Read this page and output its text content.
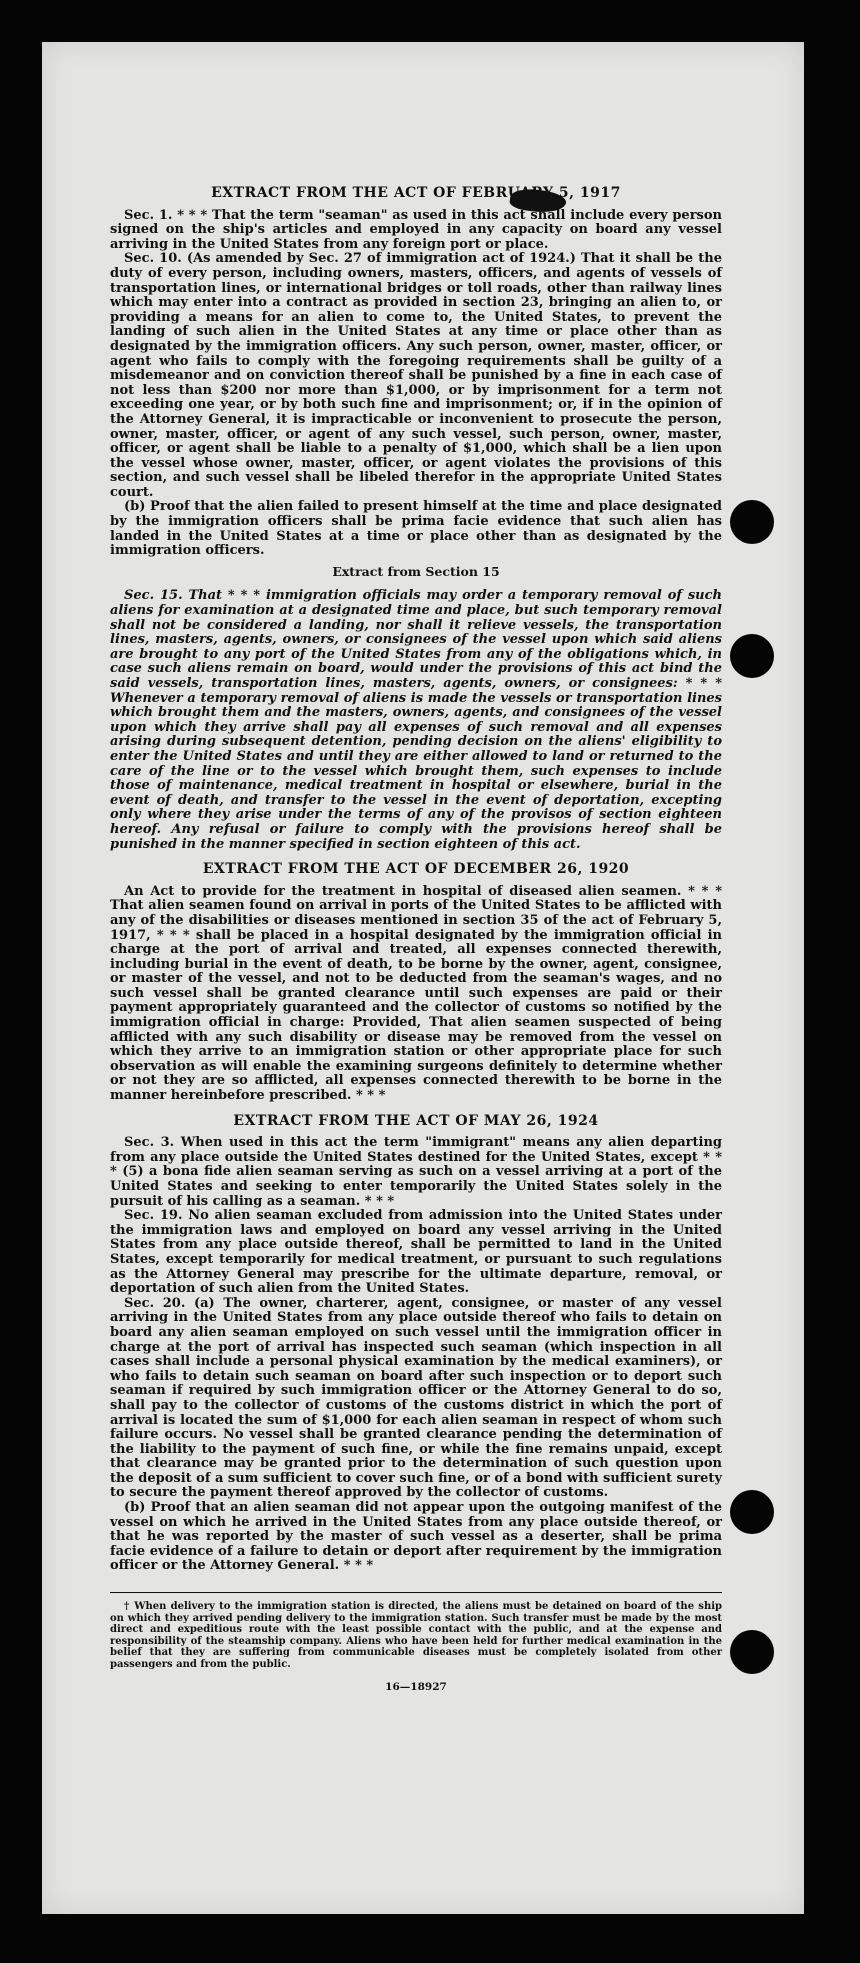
EXTRACT FROM THE ACT OF FEBRUARY 5, 1917

Sec. 1. * * * That the term "seaman" as used in this act shall include every person signed on the ship's articles and employed in any capacity on board any vessel arriving in the United States from any foreign port or place.

Sec. 10. (As amended by Sec. 27 of immigration act of 1924.) That it shall be the duty of every person, including owners, masters, officers, and agents of vessels of transportation lines, or international bridges or toll roads, other than railway lines which may enter into a contract as provided in section 23, bringing an alien to, or providing a means for an alien to come to, the United States, to prevent the landing of such alien in the United States at any time or place other than as designated by the immigration officers. Any such person, owner, master, officer, or agent who fails to comply with the foregoing requirements shall be guilty of a misdemeanor and on conviction thereof shall be punished by a fine in each case of not less than $200 nor more than $1,000, or by imprisonment for a term not exceeding one year, or by both such fine and imprisonment; or, if in the opinion of the Attorney General, it is impracticable or inconvenient to prosecute the person, owner, master, officer, or agent of any such vessel, such person, owner, master, officer, or agent shall be liable to a penalty of $1,000, which shall be a lien upon the vessel whose owner, master, officer, or agent violates the provisions of this section, and such vessel shall be libeled therefor in the appropriate United States court.

(b) Proof that the alien failed to present himself at the time and place designated by the immigration officers shall be prima facie evidence that such alien has landed in the United States at a time or place other than as designated by the immigration officers.

Extract from Section 15

Sec. 15. That * * * immigration officials may order a temporary removal of such aliens for examination at a designated time and place, but such temporary removal shall not be considered a landing, nor shall it relieve vessels, the transportation lines, masters, agents, owners, or consignees of the vessel upon which said aliens are brought to any port of the United States from any of the obligations which, in case such aliens remain on board, would under the provisions of this act bind the said vessels, transportation lines, masters, agents, owners, or consignees: * * * Whenever a temporary removal of aliens is made the vessels or transportation lines which brought them and the masters, owners, agents, and consignees of the vessel upon which they arrive shall pay all expenses of such removal and all expenses arising during subsequent detention, pending decision on the aliens' eligibility to enter the United States and until they are either allowed to land or returned to the care of the line or to the vessel which brought them, such expenses to include those of maintenance, medical treatment in hospital or elsewhere, burial in the event of death, and transfer to the vessel in the event of deportation, excepting only where they arise under the terms of any of the provisos of section eighteen hereof. Any refusal or failure to comply with the provisions hereof shall be punished in the manner specified in section eighteen of this act.

EXTRACT FROM THE ACT OF DECEMBER 26, 1920

An Act to provide for the treatment in hospital of diseased alien seamen. * * * That alien seamen found on arrival in ports of the United States to be afflicted with any of the disabilities or diseases mentioned in section 35 of the act of February 5, 1917, * * * shall be placed in a hospital designated by the immigration official in charge at the port of arrival and treated, all expenses connected therewith, including burial in the event of death, to be borne by the owner, agent, consignee, or master of the vessel, and not to be deducted from the seaman's wages, and no such vessel shall be granted clearance until such expenses are paid or their payment appropriately guaranteed and the collector of customs so notified by the immigration official in charge: Provided, That alien seamen suspected of being afflicted with any such disability or disease may be removed from the vessel on which they arrive to an immigration station or other appropriate place for such observation as will enable the examining surgeons definitely to determine whether or not they are so afflicted, all expenses connected therewith to be borne in the manner hereinbefore prescribed. * * *

EXTRACT FROM THE ACT OF MAY 26, 1924

Sec. 3. When used in this act the term "immigrant" means any alien departing from any place outside the United States destined for the United States, except * * * (5) a bona fide alien seaman serving as such on a vessel arriving at a port of the United States and seeking to enter temporarily the United States solely in the pursuit of his calling as a seaman. * * *

Sec. 19. No alien seaman excluded from admission into the United States under the immigration laws and employed on board any vessel arriving in the United States from any place outside thereof, shall be permitted to land in the United States, except temporarily for medical treatment, or pursuant to such regulations as the Attorney General may prescribe for the ultimate departure, removal, or deportation of such alien from the United States.

Sec. 20. (a) The owner, charterer, agent, consignee, or master of any vessel arriving in the United States from any place outside thereof who fails to detain on board any alien seaman employed on such vessel until the immigration officer in charge at the port of arrival has inspected such seaman (which inspection in all cases shall include a personal physical examination by the medical examiners), or who fails to detain such seaman on board after such inspection or to deport such seaman if required by such immigration officer or the Attorney General to do so, shall pay to the collector of customs of the customs district in which the port of arrival is located the sum of $1,000 for each alien seaman in respect of whom such failure occurs. No vessel shall be granted clearance pending the determination of the liability to the payment of such fine, or while the fine remains unpaid, except that clearance may be granted prior to the determination of such question upon the deposit of a sum sufficient to cover such fine, or of a bond with sufficient surety to secure the payment thereof approved by the collector of customs.

(b) Proof that an alien seaman did not appear upon the outgoing manifest of the vessel on which he arrived in the United States from any place outside thereof, or that he was reported by the master of such vessel as a deserter, shall be prima facie evidence of a failure to detain or deport after requirement by the immigration officer or the Attorney General. * * *

† When delivery to the immigration station is directed, the aliens must be detained on board of the ship on which they arrived pending delivery to the immigration station. Such transfer must be made by the most direct and expeditious route with the least possible contact with the public, and at the expense and responsibility of the steamship company. Aliens who have been held for further medical examination in the belief that they are suffering from communicable diseases must be completely isolated from other passengers and from the public.

16—18927
